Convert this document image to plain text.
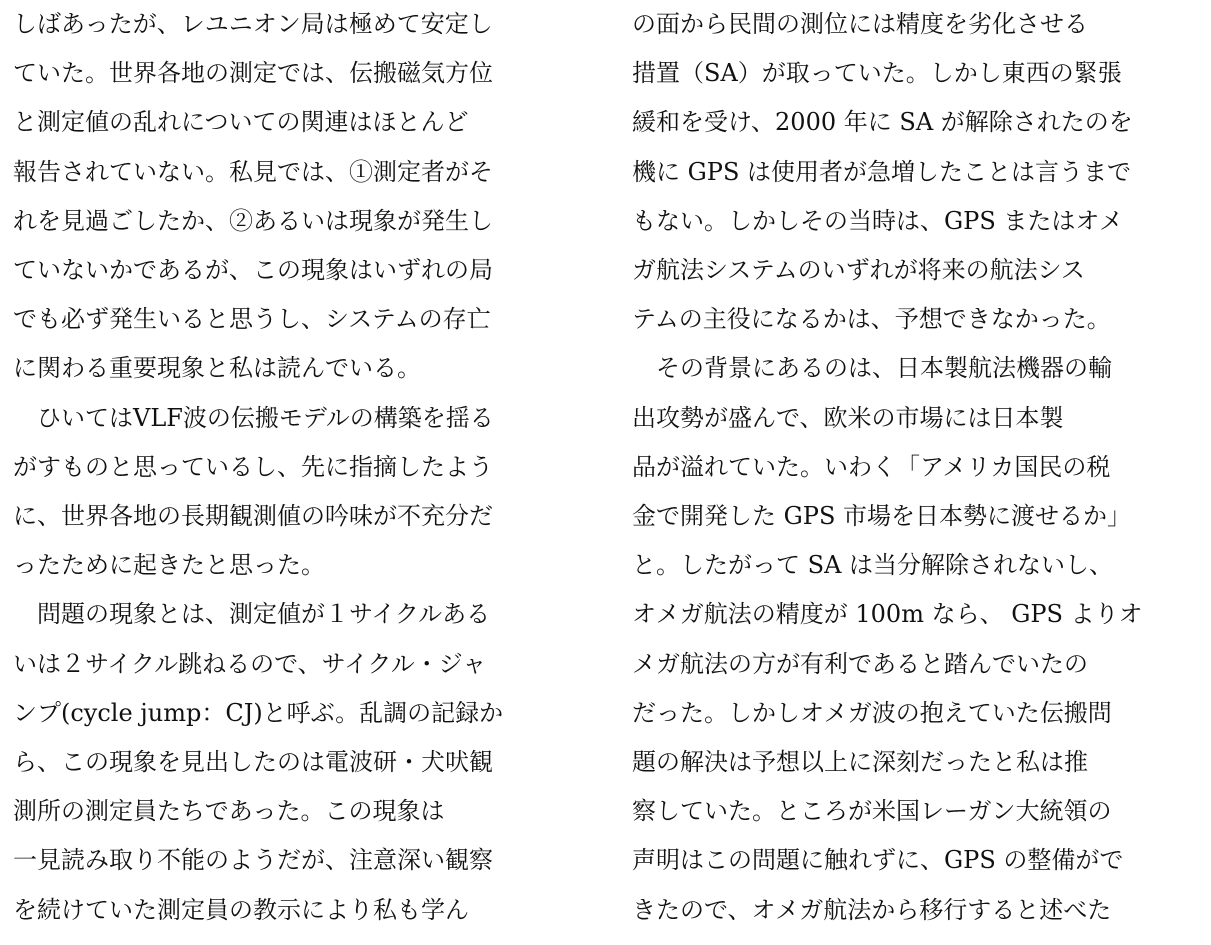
しばあったが、レユニオン局は極めて安定し
ていた。世界各地の測定では、伝搬磁気方位
と測定値の乱れについての関連はほとんど
報告されていない。私見では、①測定者がそ
れを見過ごしたか、②あるいは現象が発生し
ていないかであるが、この現象はいずれの局
でも必ず発生いると思うし、システムの存亡
に関わる重要現象と私は読んでいる。
　ひいてはVLF波の伝搬モデルの構築を揺る
がすものと思っているし、先に指摘したよう
に、世界各地の長期観測値の吟味が不充分だ
ったために起きたと思った。
　問題の現象とは、測定値が１サイクルある
いは２サイクル跳ねるので、サイクル・ジャ
ンプ(cycle jump：CJ)と呼ぶ。乱調の記録か
ら、この現象を見出したのは電波研・犬吠観
測所の測定員たちであった。この現象は
一見読み取り不能のようだが、注意深い観察
を続けていた測定員の教示により私も学ん
の面から民間の測位には精度を劣化させる
措置（SA）が取っていた。しかし東西の緊張
緩和を受け、2000 年に SA が解除されたのを
機に GPS は使用者が急増したことは言うまで
もない。しかしその当時は、GPS またはオメ
ガ航法システムのいずれが将来の航法シス
テムの主役になるかは、予想できなかった。
　その背景にあるのは、日本製航法機器の輸
出攻勢が盛んで、欧米の市場には日本製
品が溢れていた。いわく「アメリカ国民の税
金で開発した GPS 市場を日本勢に渡せるか」
と。したがって SA は当分解除されないし、
オメガ航法の精度が 100m なら、 GPS よりオ
メガ航法の方が有利であると踏んでいたの
だった。しかしオメガ波の抱えていた伝搬問
題の解決は予想以上に深刻だったと私は推
察していた。ところが米国レーガン大統領の
声明はこの問題に触れずに、GPS の整備がで
きたので、オメガ航法から移行すると述べた
